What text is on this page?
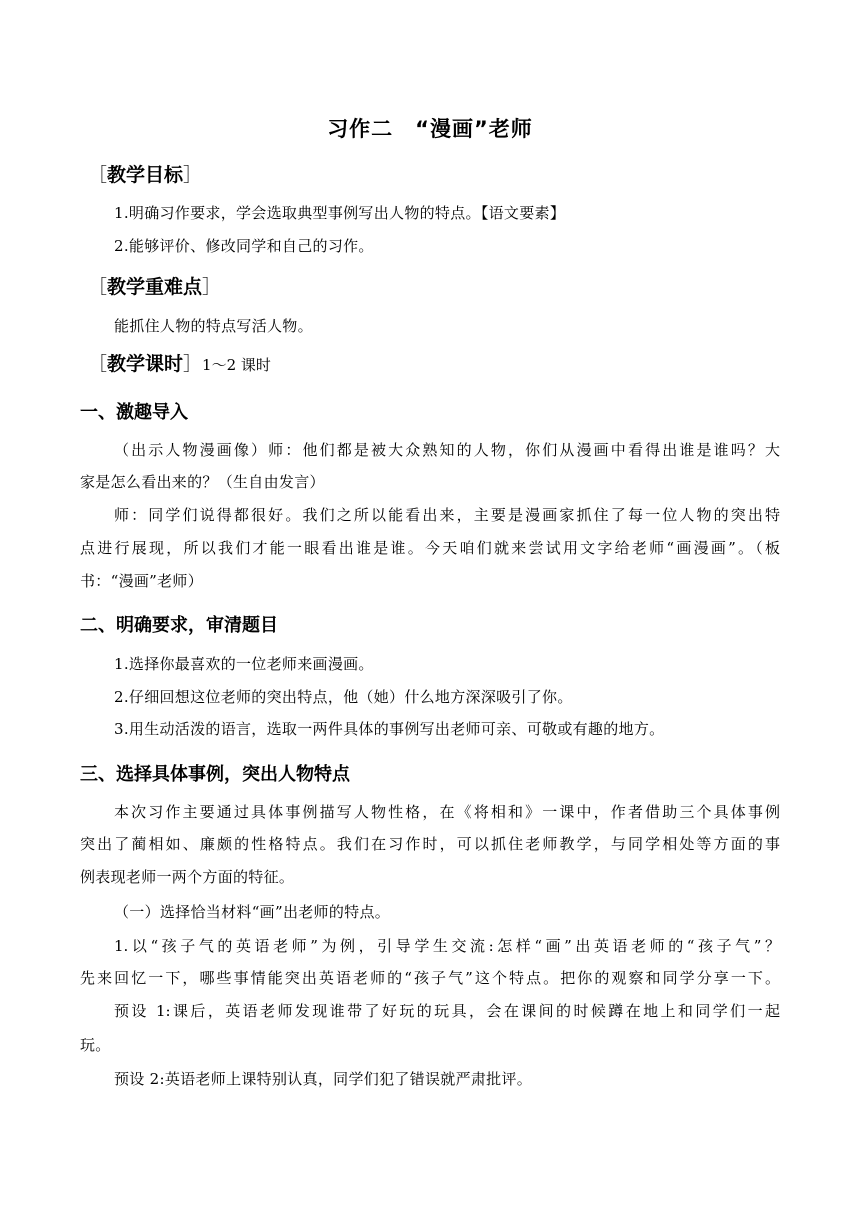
习作二　“漫画”老师
［教学目标］
1.明确习作要求，学会选取典型事例写出人物的特点。【语文要素】
2.能够评价、修改同学和自己的习作。
［教学重难点］
能抓住人物的特点写活人物。
［教学课时］1～2 课时
一、激趣导入
（出示人物漫画像）师：他们都是被大众熟知的人物，你们从漫画中看得出谁是谁吗？大
家是怎么看出来的？（生自由发言）
师：同学们说得都很好。我们之所以能看出来，主要是漫画家抓住了每一位人物的突出特
点进行展现，所以我们才能一眼看出谁是谁。今天咱们就来尝试用文字给老师“画漫画”。（板
书：“漫画”老师）
二、明确要求，审清题目
1.选择你最喜欢的一位老师来画漫画。
2.仔细回想这位老师的突出特点，他（她）什么地方深深吸引了你。
3.用生动活泼的语言，选取一两件具体的事例写出老师可亲、可敬或有趣的地方。
三、选择具体事例，突出人物特点
本次习作主要通过具体事例描写人物性格，在《将相和》一课中，作者借助三个具体事例
突出了蔺相如、廉颇的性格特点。我们在习作时，可以抓住老师教学，与同学相处等方面的事
例表现老师一两个方面的特征。
（一）选择恰当材料“画”出老师的特点。
1.以“孩子气的英语老师”为例，引导学生交流:怎样“画”出英语老师的“孩子气”？
先来回忆一下，哪些事情能突出英语老师的“孩子气”这个特点。把你的观察和同学分享一下。
预设 1:课后，英语老师发现谁带了好玩的玩具，会在课间的时候蹲在地上和同学们一起
玩。
预设 2:英语老师上课特别认真，同学们犯了错误就严肃批评。
